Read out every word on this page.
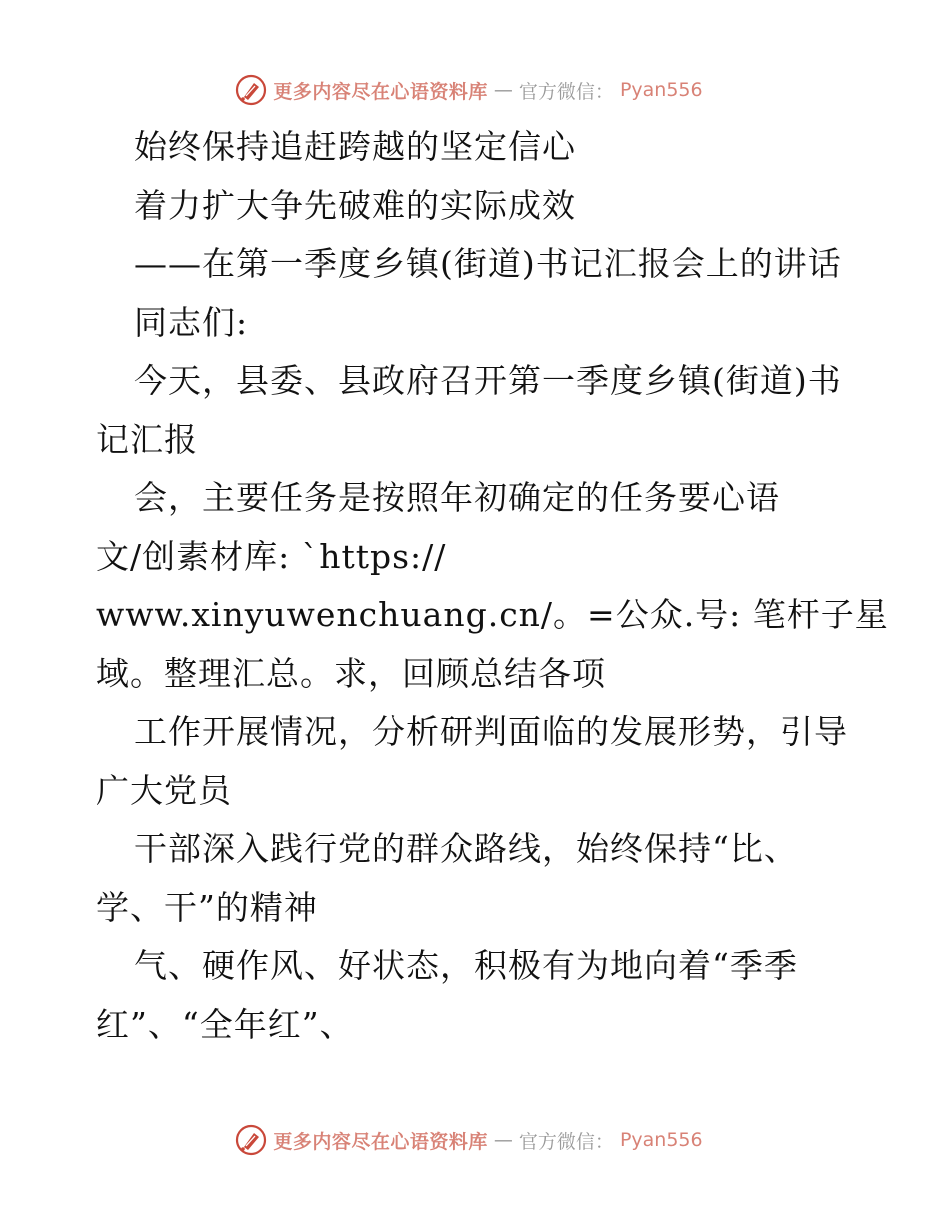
更多内容尽在心语资料库 — 官方微信： Pyan556
始终保持追赶跨越的坚定信心
着力扩大争先破难的实际成效
——在第一季度乡镇(街道)书记汇报会上的讲话
同志们:
今天，县委、县政府召开第一季度乡镇(街道)书
记汇报
会，主要任务是按照年初确定的任务要心语
文/创素材库: `https://
www.xinyuwenchuang.cn/。=公众.号: 笔杆子星
域。整理汇总。求，回顾总结各项
工作开展情况，分析研判面临的发展形势，引导
广大党员
干部深入践行党的群众路线，始终保持“比、
学、干”的精神
气、硬作风、好状态，积极有为地向着“季季
红”、“全年红”、
更多内容尽在心语资料库 — 官方微信： Pyan556
